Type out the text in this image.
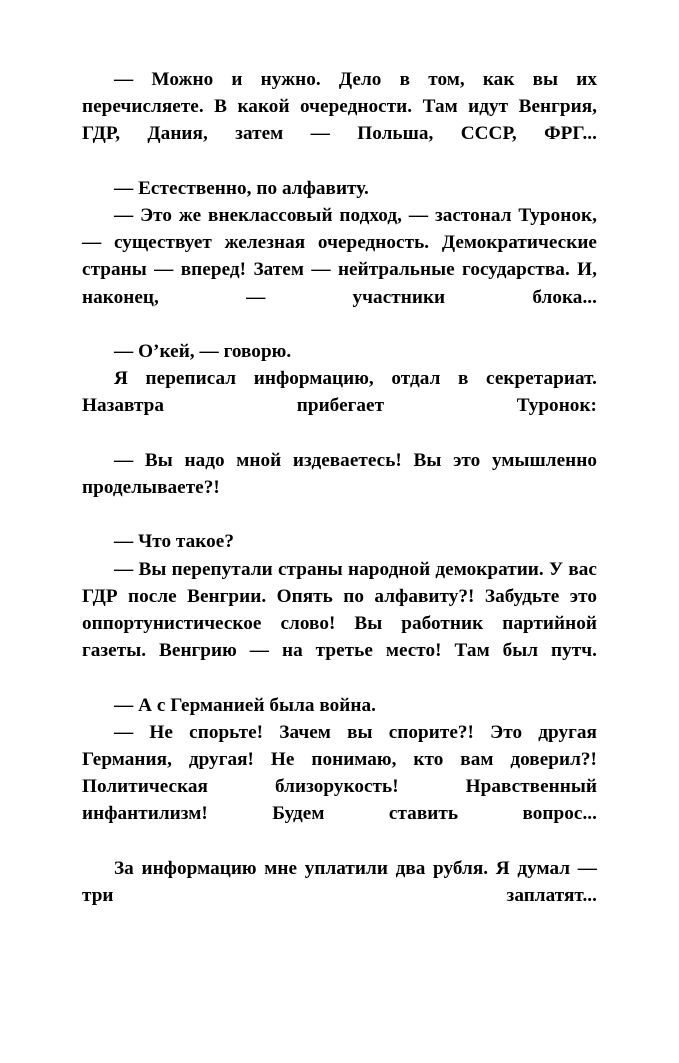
— Можно и нужно. Дело в том, как вы их перечисляете. В какой очередности. Там идут Венгрия, ГДР, Дания, затем — Польша, СССР, ФРГ...

— Естественно, по алфавиту.

— Это же внеклассовый подход, — застонал Туронок, — существует железная очередность. Демократические страны — вперед! Затем — нейтральные государства. И, наконец, — участники блока...

— О’кей, — говорю.

Я переписал информацию, отдал в секретариат. Назавтра прибегает Туронок:

— Вы надо мной издеваетесь! Вы это умышленно проделываете?!

— Что такое?

— Вы перепутали страны народной демократии. У вас ГДР после Венгрии. Опять по алфавиту?! Забудьте это оппортунистическое слово! Вы работник партийной газеты. Венгрию — на третье место! Там был путч.

— А с Германией была война.

— Не спорьте! Зачем вы спорите?! Это другая Германия, другая! Не понимаю, кто вам доверил?! Политическая близорукость! Нравственный инфантилизм! Будем ставить вопрос...

За информацию мне уплатили два рубля. Я думал — три заплатят...
